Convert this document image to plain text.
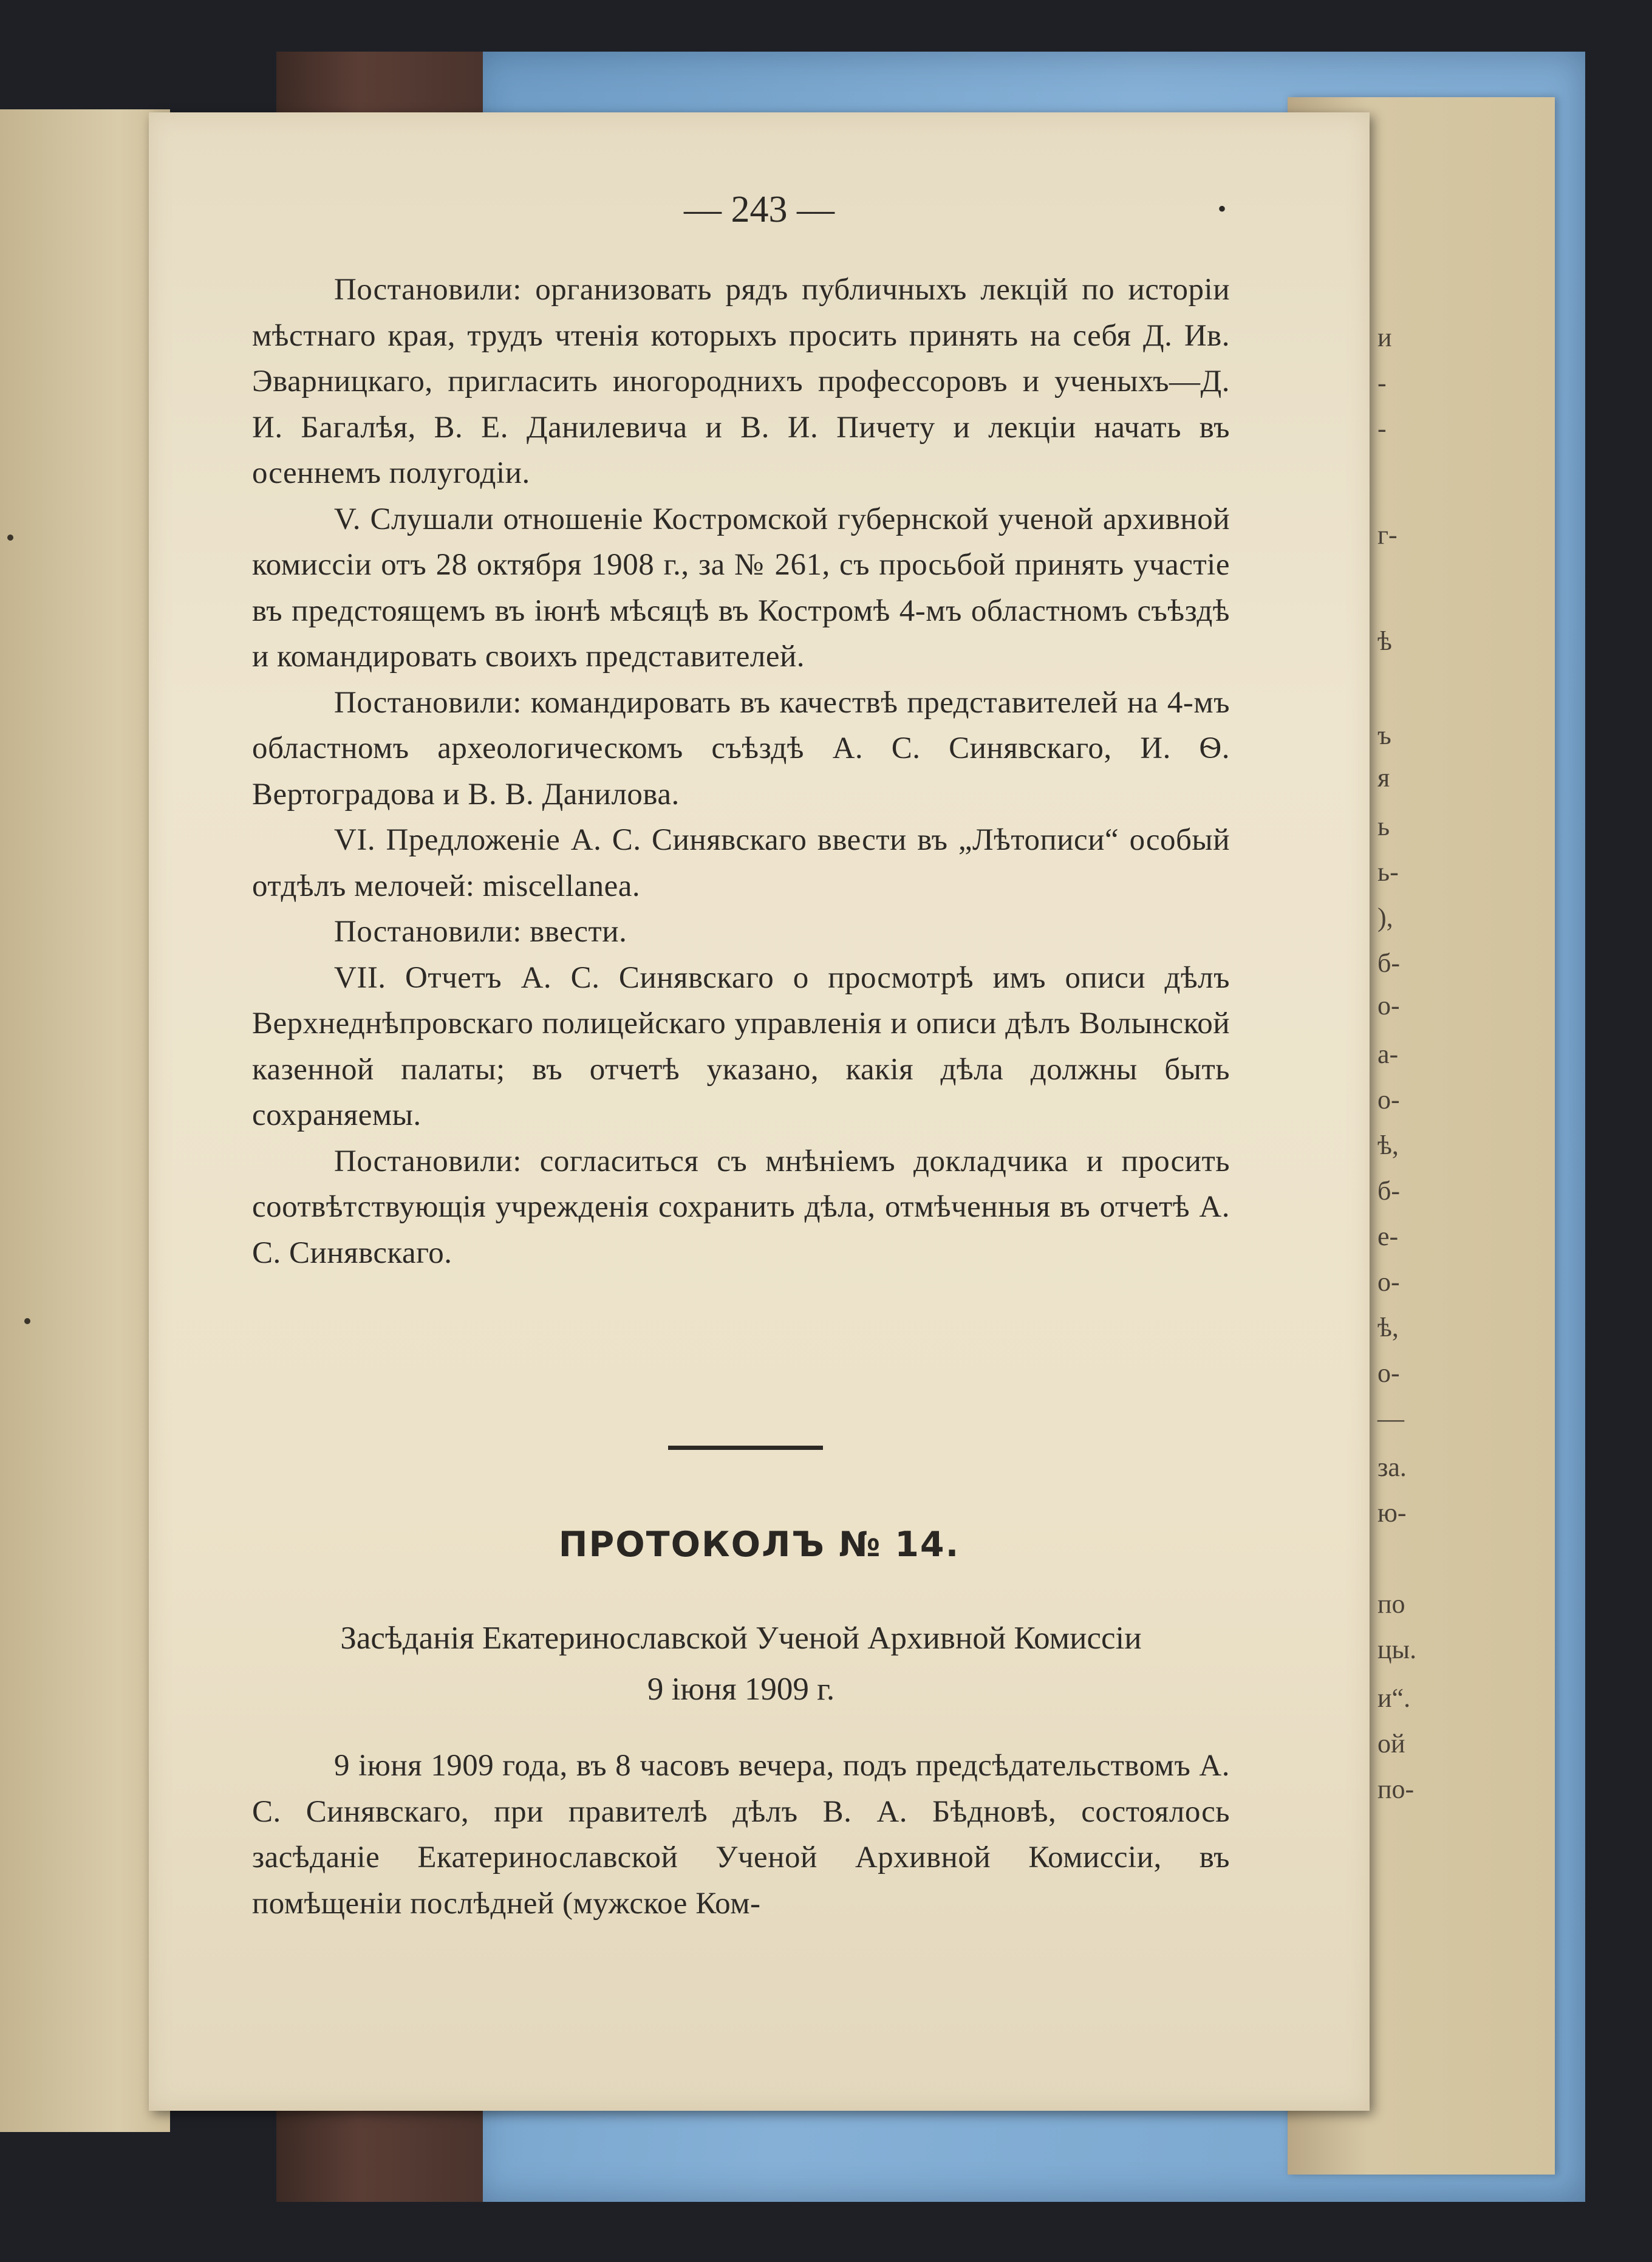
и
-
-
г-
ѣ
ъ
я
ь
ь-
),
б-
о-
а-
о-
ѣ,
б-
е-
о-
ѣ,
о-
—
за.
ю-
по
цы.
и“.
ой
по-
— 243 —	•

Постановили: организовать рядъ публичныхъ лекцій по исторіи мѣстнаго края, трудъ чтенія которыхъ просить принять на себя Д. Ив. Эварницкаго, пригласить иногородниxъ профессоровъ и ученыхъ—Д. И. Багалѣя, В. Е. Данилевича и В. И. Пичету и лекціи начать въ осеннемъ полугодіи.

V. Слушали отношеніе Костромской губернской ученой архивной комиссіи отъ 28 октября 1908 г., за № 261, съ просьбой принять участіе въ предстоящемъ въ іюнѣ мѣсяцѣ въ Костромѣ 4-мъ областномъ съѣздѣ и командировать своихъ представителей.

Постановили: командировать въ качествѣ представителей на 4-мъ областномъ археологическомъ съѣздѣ А. С. Синявскаго, И. Ѳ. Вертоградова и В. В. Данилова.

VI. Предложеніе А. С. Синявскаго ввести въ „Лѣтописи“ особый отдѣлъ мелочей: miscellanea.

Постановили: ввести.

VII. Отчетъ А. С. Синявскаго о просмотрѣ имъ описи дѣлъ Верхнеднѣпровскаго полицейскаго управленія и описи дѣлъ Волынской казенной палаты; въ отчетѣ указано, какія дѣла должны быть сохраняемы.

Постановили: согласиться съ мнѣніемъ докладчика и просить соотвѣтствующія учрежденія сохранить дѣла, отмѣченныя въ отчетѣ А. С. Синявскаго.

ПРОТОКОЛЪ № 14.
Засѣданія Екатеринославской Ученой Архивной Комиссіи
9 іюня 1909 г.

9 іюня 1909 года, въ 8 часовъ вечера, подъ предсѣдательствомъ А. С. Синявскаго, при правителѣ дѣлъ В. А. Бѣдновѣ, состоялось засѣданіе Екатеринославской Ученой Архивной Комиссіи, въ помѣщеніи послѣдней (мужское Ком-
